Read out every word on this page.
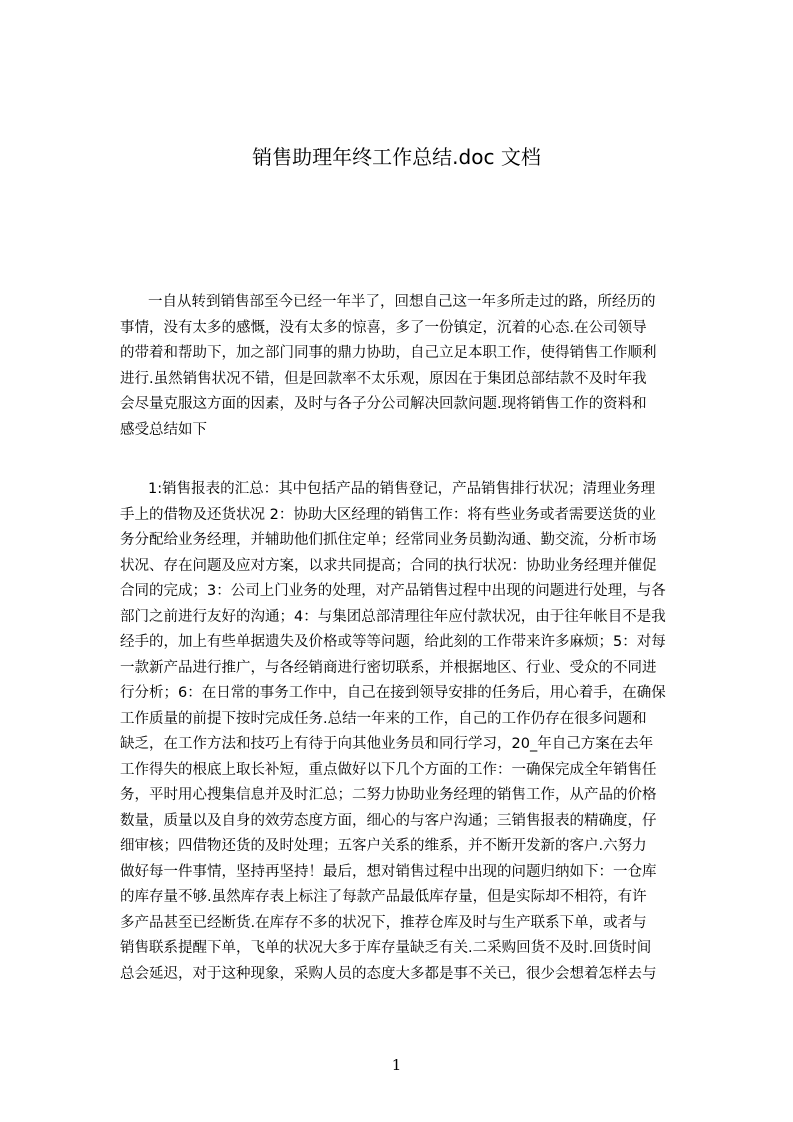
销售助理年终工作总结.doc 文档
一自从转到销售部至今已经一年半了，回想自己这一年多所走过的路，所经历的
事情，没有太多的感慨，没有太多的惊喜，多了一份镇定，沉着的心态.在公司领导
的带着和帮助下，加之部门同事的鼎力协助，自己立足本职工作，使得销售工作顺利
进行.虽然销售状况不错，但是回款率不太乐观，原因在于集团总部结款不及时年我
会尽量克服这方面的因素，及时与各子分公司解决回款问题.现将销售工作的资料和
感受总结如下
1:销售报表的汇总：其中包括产品的销售登记，产品销售排行状况；清理业务理
手上的借物及还货状况 2：协助大区经理的销售工作：将有些业务或者需要送货的业
务分配给业务经理，并辅助他们抓住定单；经常同业务员勤沟通、勤交流，分析市场
状况、存在问题及应对方案，以求共同提高；合同的执行状况：协助业务经理并催促
合同的完成；3：公司上门业务的处理，对产品销售过程中出现的问题进行处理，与各
部门之前进行友好的沟通；4：与集团总部清理往年应付款状况，由于往年帐目不是我
经手的，加上有些单据遗失及价格或等等问题，给此刻的工作带来许多麻烦；5：对每
一款新产品进行推广，与各经销商进行密切联系，并根据地区、行业、受众的不同进
行分析；6：在日常的事务工作中，自己在接到领导安排的任务后，用心着手，在确保
工作质量的前提下按时完成任务.总结一年来的工作，自己的工作仍存在很多问题和
缺乏，在工作方法和技巧上有待于向其他业务员和同行学习，20_年自己方案在去年
工作得失的根底上取长补短，重点做好以下几个方面的工作：一确保完成全年销售任
务，平时用心搜集信息并及时汇总；二努力协助业务经理的销售工作，从产品的价格
数量，质量以及自身的效劳态度方面，细心的与客户沟通；三销售报表的精确度，仔
细审核；四借物还货的及时处理；五客户关系的维系，并不断开发新的客户.六努力
做好每一件事情，坚持再坚持！最后，想对销售过程中出现的问题归纳如下：一仓库
的库存量不够.虽然库存表上标注了每款产品最低库存量，但是实际却不相符，有许
多产品甚至已经断货.在库存不多的状况下，推荐仓库及时与生产联系下单，或者与
销售联系提醒下单，飞单的状况大多于库存量缺乏有关.二采购回货不及时.回货时间
总会延迟，对于这种现象，采购人员的态度大多都是事不关已，很少会想着怎样去与
1
